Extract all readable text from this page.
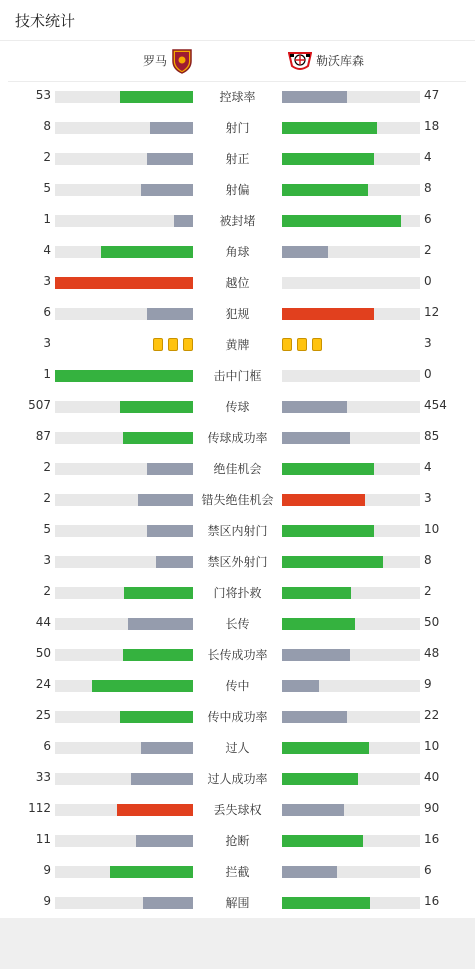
技术统计
罗马	勒沃库森
53	控球率	47
8	射门	18
2	射正	4
5	射偏	8
1	被封堵	6
4	角球	2
3	越位	0
6	犯规	12
3	黄牌	3
1	击中门框	0
507	传球	454
87	传球成功率	85
2	绝佳机会	4
2	错失绝佳机会	3
5	禁区内射门	10
3	禁区外射门	8
2	门将扑救	2
44	长传	50
50	长传成功率	48
24	传中	9
25	传中成功率	22
6	过人	10
33	过人成功率	40
112	丢失球权	90
11	抢断	16
9	拦截	6
9	解围	16
